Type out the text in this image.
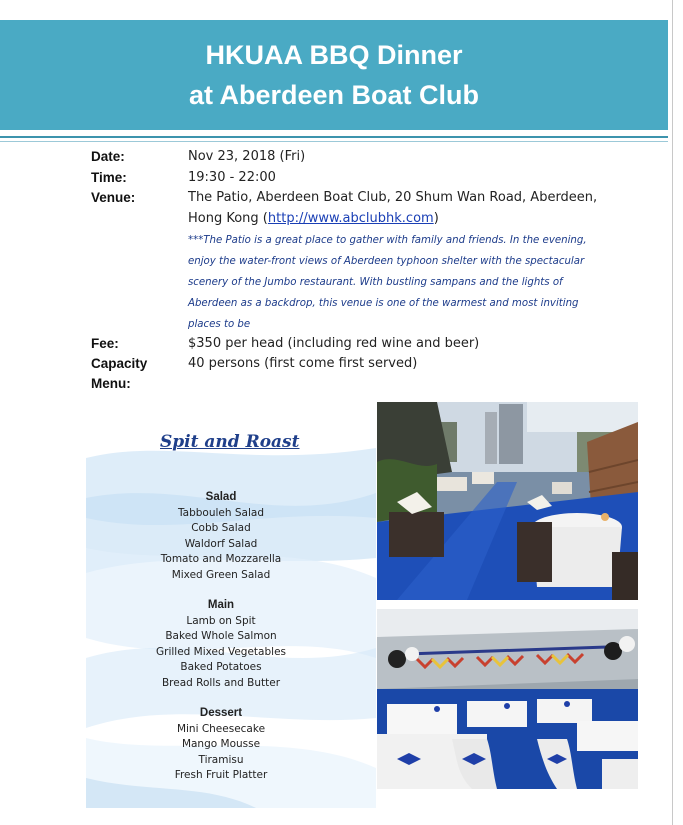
HKUAA BBQ Dinner
at Aberdeen Boat Club
Date:	Nov 23, 2018 (Fri)
Time:	19:30 - 22:00
Venue:	The Patio, Aberdeen Boat Club, 20 Shum Wan Road, Aberdeen,
Hong Kong (http://www.abclubhk.com)
***The Patio is a great place to gather with family and friends. In the evening,
enjoy the water-front views of Aberdeen typhoon shelter with the spectacular
scenery of the Jumbo restaurant. With bustling sampans and the lights of
Aberdeen as a backdrop, this venue is one of the warmest and most inviting
places to be
Fee:	$350 per head (including red wine and beer)
Capacity	40 persons (first come first served)
Menu:
Spit and Roast
Salad
Tabbouleh Salad
Cobb Salad
Waldorf Salad
Tomato and Mozzarella
Mixed Green Salad
Main
Lamb on Spit
Baked Whole Salmon
Grilled Mixed Vegetables
Baked Potatoes
Bread Rolls and Butter
Dessert
Mini Cheesecake
Mango Mousse
Tiramisu
Fresh Fruit Platter
